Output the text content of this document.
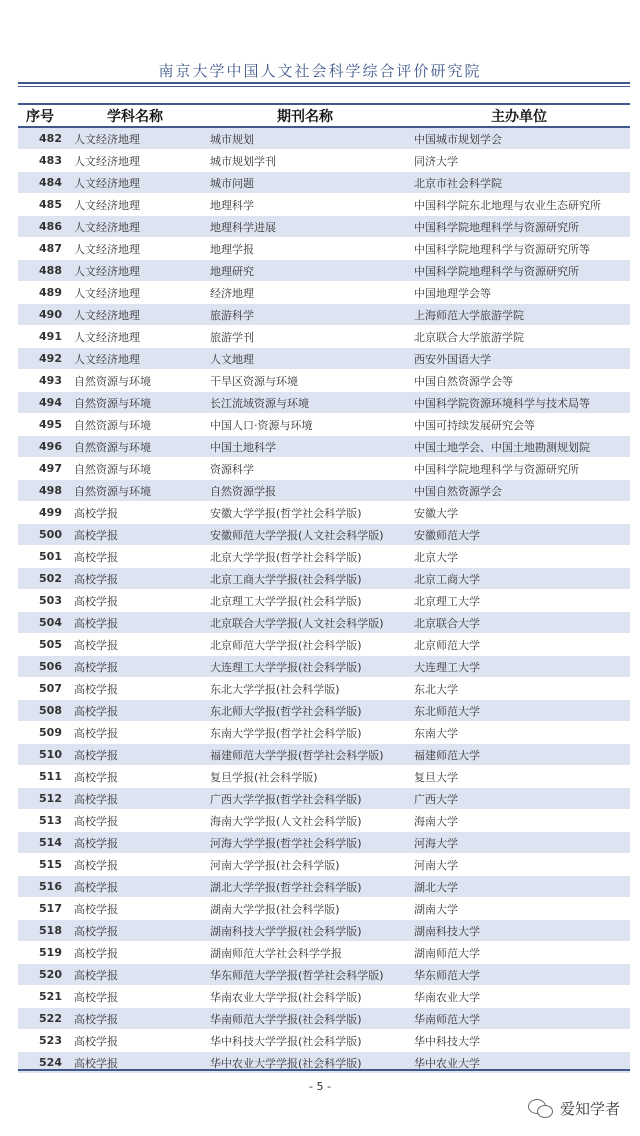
南京大学中国人文社会科学综合评价研究院
序号	学科名称	期刊名称	主办单位
482	人文经济地理	城市规划	中国城市规划学会
483	人文经济地理	城市规划学刊	同济大学
484	人文经济地理	城市问题	北京市社会科学院
485	人文经济地理	地理科学	中国科学院东北地理与农业生态研究所
486	人文经济地理	地理科学进展	中国科学院地理科学与资源研究所
487	人文经济地理	地理学报	中国科学院地理科学与资源研究所等
488	人文经济地理	地理研究	中国科学院地理科学与资源研究所
489	人文经济地理	经济地理	中国地理学会等
490	人文经济地理	旅游科学	上海师范大学旅游学院
491	人文经济地理	旅游学刊	北京联合大学旅游学院
492	人文经济地理	人文地理	西安外国语大学
493	自然资源与环境	干旱区资源与环境	中国自然资源学会等
494	自然资源与环境	长江流域资源与环境	中国科学院资源环境科学与技术局等
495	自然资源与环境	中国人口·资源与环境	中国可持续发展研究会等
496	自然资源与环境	中国土地科学	中国土地学会、中国土地勘测规划院
497	自然资源与环境	资源科学	中国科学院地理科学与资源研究所
498	自然资源与环境	自然资源学报	中国自然资源学会
499	高校学报	安徽大学学报(哲学社会科学版)	安徽大学
500	高校学报	安徽师范大学学报(人文社会科学版)	安徽师范大学
501	高校学报	北京大学学报(哲学社会科学版)	北京大学
502	高校学报	北京工商大学学报(社会科学版)	北京工商大学
503	高校学报	北京理工大学学报(社会科学版)	北京理工大学
504	高校学报	北京联合大学学报(人文社会科学版)	北京联合大学
505	高校学报	北京师范大学学报(社会科学版)	北京师范大学
506	高校学报	大连理工大学学报(社会科学版)	大连理工大学
507	高校学报	东北大学学报(社会科学版)	东北大学
508	高校学报	东北师大学报(哲学社会科学版)	东北师范大学
509	高校学报	东南大学学报(哲学社会科学版)	东南大学
510	高校学报	福建师范大学学报(哲学社会科学版)	福建师范大学
511	高校学报	复旦学报(社会科学版)	复旦大学
512	高校学报	广西大学学报(哲学社会科学版)	广西大学
513	高校学报	海南大学学报(人文社会科学版)	海南大学
514	高校学报	河海大学学报(哲学社会科学版)	河海大学
515	高校学报	河南大学学报(社会科学版)	河南大学
516	高校学报	湖北大学学报(哲学社会科学版)	湖北大学
517	高校学报	湖南大学学报(社会科学版)	湖南大学
518	高校学报	湖南科技大学学报(社会科学版)	湖南科技大学
519	高校学报	湖南师范大学社会科学学报	湖南师范大学
520	高校学报	华东师范大学学报(哲学社会科学版)	华东师范大学
521	高校学报	华南农业大学学报(社会科学版)	华南农业大学
522	高校学报	华南师范大学学报(社会科学版)	华南师范大学
523	高校学报	华中科技大学学报(社会科学版)	华中科技大学
524	高校学报	华中农业大学学报(社会科学版)	华中农业大学
- 5 -
爱知学者
